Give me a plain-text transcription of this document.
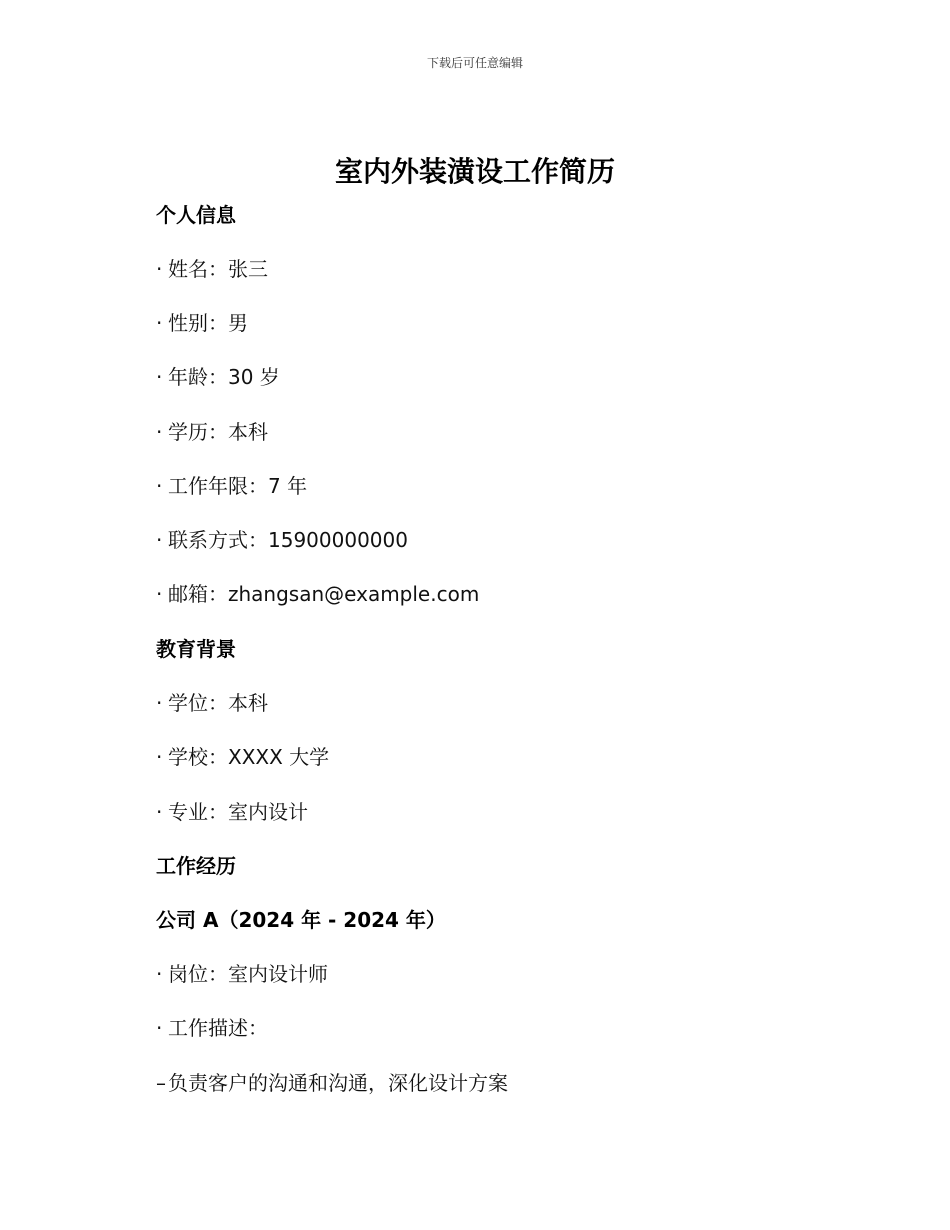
下载后可任意编辑
室内外装潢设工作简历
个人信息
· 姓名：张三
· 性别：男
· 年龄：30 岁
· 学历：本科
· 工作年限：7 年
· 联系方式：15900000000
· 邮箱：zhangsan@example.com
教育背景
· 学位：本科
· 学校：XXXX 大学
· 专业：室内设计
工作经历
公司 A（2024 年 - 2024 年）
· 岗位：室内设计师
· 工作描述：
– 负责客户的沟通和沟通，深化设计方案
